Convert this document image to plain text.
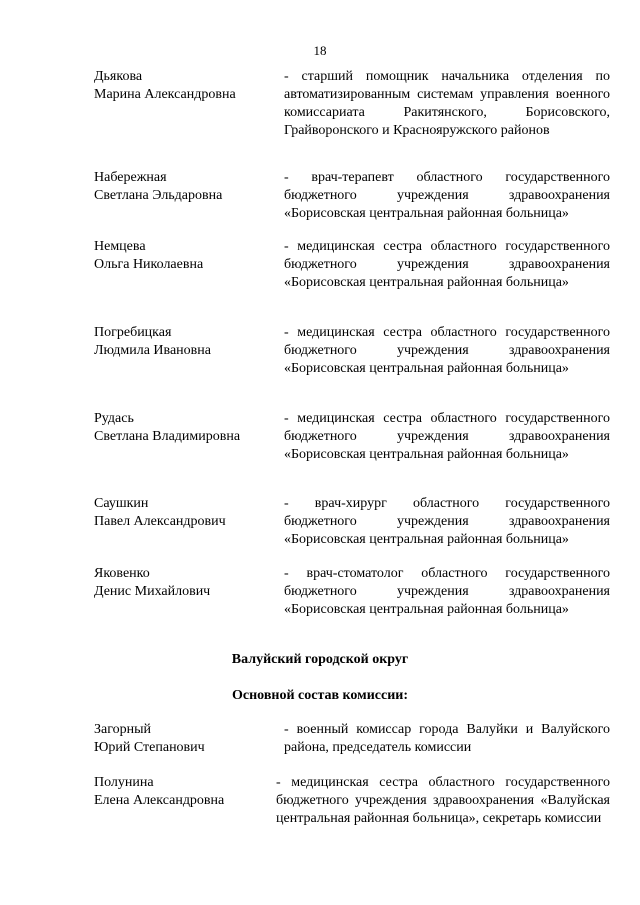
18
Дьякова
Марина Александровна
- старший помощник начальника отделения по автоматизированным системам управления военного комиссариата Ракитянского, Борисовского, Грайворонского и Краснояружского районов
Набережная
Светлана Эльдаровна
- врач-терапевт областного государственного бюджетного учреждения здравоохранения «Борисовская центральная районная больница»
Немцева
Ольга Николаевна
- медицинская сестра областного государственного бюджетного учреждения здравоохранения «Борисовская центральная районная больница»
Погребицкая
Людмила Ивановна
- медицинская сестра областного государственного бюджетного учреждения здравоохранения «Борисовская центральная районная больница»
Рудась
Светлана Владимировна
- медицинская сестра областного государственного бюджетного учреждения здравоохранения «Борисовская центральная районная больница»
Саушкин
Павел Александрович
- врач-хирург областного государственного бюджетного учреждения здравоохранения «Борисовская центральная районная больница»
Яковенко
Денис Михайлович
- врач-стоматолог областного государственного бюджетного учреждения здравоохранения «Борисовская центральная районная больница»
Валуйский городской округ
Основной состав комиссии:
Загорный
Юрий Степанович
- военный комиссар города Валуйки и Валуйского района, председатель комиссии
Полунина
Елена Александровна
- медицинская сестра областного государственного бюджетного учреждения здравоохранения «Валуйская центральная районная больница», секретарь комиссии
